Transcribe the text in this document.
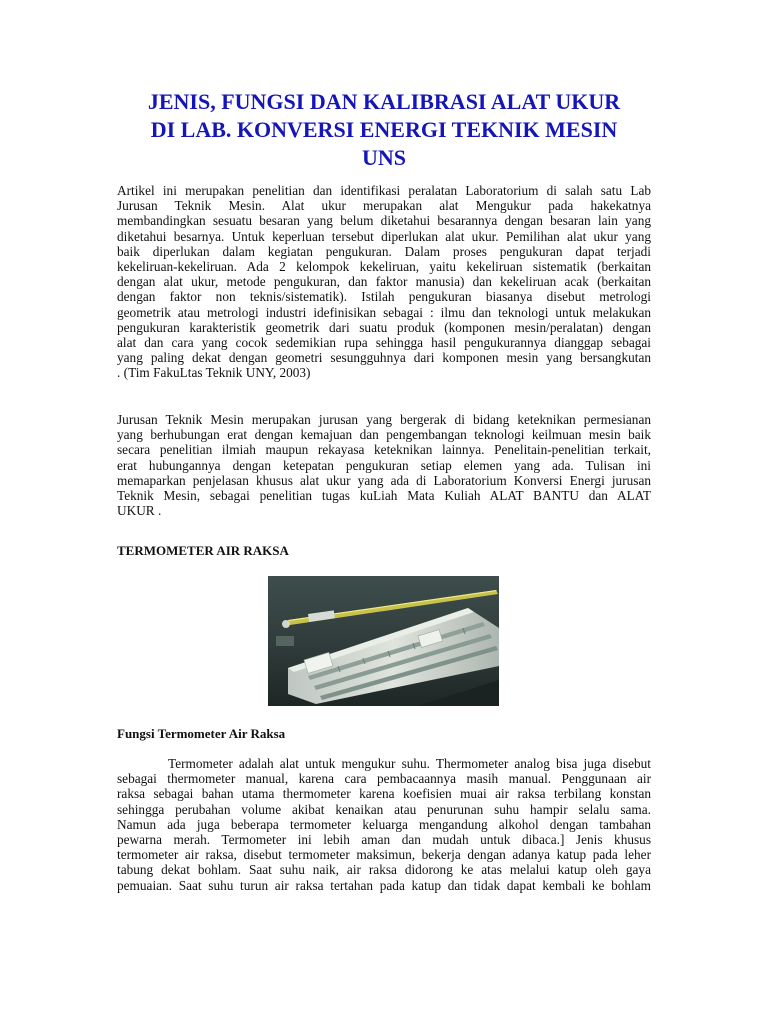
JENIS, FUNGSI DAN KALIBRASI ALAT UKUR
DI LAB. KONVERSI ENERGI TEKNIK MESIN
UNS

Artikel ini merupakan penelitian dan identifikasi peralatan Laboratorium di salah satu Lab
Jurusan Teknik Mesin. Alat ukur merupakan alat Mengukur pada hakekatnya
membandingkan sesuatu besaran yang belum diketahui besarannya dengan besaran lain yang
diketahui besarnya. Untuk keperluan tersebut diperlukan alat ukur. Pemilihan alat ukur yang
baik diperlukan dalam kegiatan pengukuran. Dalam proses pengukuran dapat terjadi
kekeliruan-kekeliruan. Ada 2 kelompok kekeliruan, yaitu kekeliruan sistematik (berkaitan
dengan alat ukur, metode pengukuran, dan faktor manusia) dan kekeliruan acak (berkaitan
dengan faktor non teknis/sistematik). Istilah pengukuran biasanya disebut metrologi
geometrik atau metrologi industri idefinisikan sebagai : ilmu dan teknologi untuk melakukan
pengukuran karakteristik geometrik dari suatu produk (komponen mesin/peralatan) dengan
alat dan cara yang cocok sedemikian rupa sehingga hasil pengukurannya dianggap sebagai
yang paling dekat dengan geometri sesungguhnya dari komponen mesin yang bersangkutan
. (Tim FakuLtas Teknik UNY, 2003)

Jurusan Teknik Mesin merupakan jurusan yang bergerak di bidang keteknikan permesianan
yang berhubungan erat dengan kemajuan dan pengembangan teknologi keilmuan mesin baik
secara penelitian ilmiah maupun rekayasa keteknikan lainnya. Penelitain-penelitian terkait,
erat hubungannya dengan ketepatan pengukuran setiap elemen yang ada. Tulisan ini
memaparkan penjelasan khusus alat ukur yang ada di Laboratorium Konversi Energi jurusan
Teknik Mesin, sebagai penelitian tugas kuLiah Mata Kuliah ALAT BANTU dan ALAT
UKUR .

TERMOMETER AIR RAKSA
Fungsi Termometer Air Raksa

Termometer adalah alat untuk mengukur suhu. Thermometer analog bisa juga disebut
sebagai thermometer manual, karena cara pembacaannya masih manual. Penggunaan air
raksa sebagai bahan utama thermometer karena koefisien muai air raksa terbilang konstan
sehingga perubahan volume akibat kenaikan atau penurunan suhu hampir selalu sama.
Namun ada juga beberapa termometer keluarga mengandung alkohol dengan tambahan
pewarna merah. Termometer ini lebih aman dan mudah untuk dibaca.] Jenis khusus
termometer air raksa, disebut termometer maksimun, bekerja dengan adanya katup pada leher
tabung dekat bohlam. Saat suhu naik, air raksa didorong ke atas melalui katup oleh gaya
pemuaian. Saat suhu turun air raksa tertahan pada katup dan tidak dapat kembali ke bohlam
